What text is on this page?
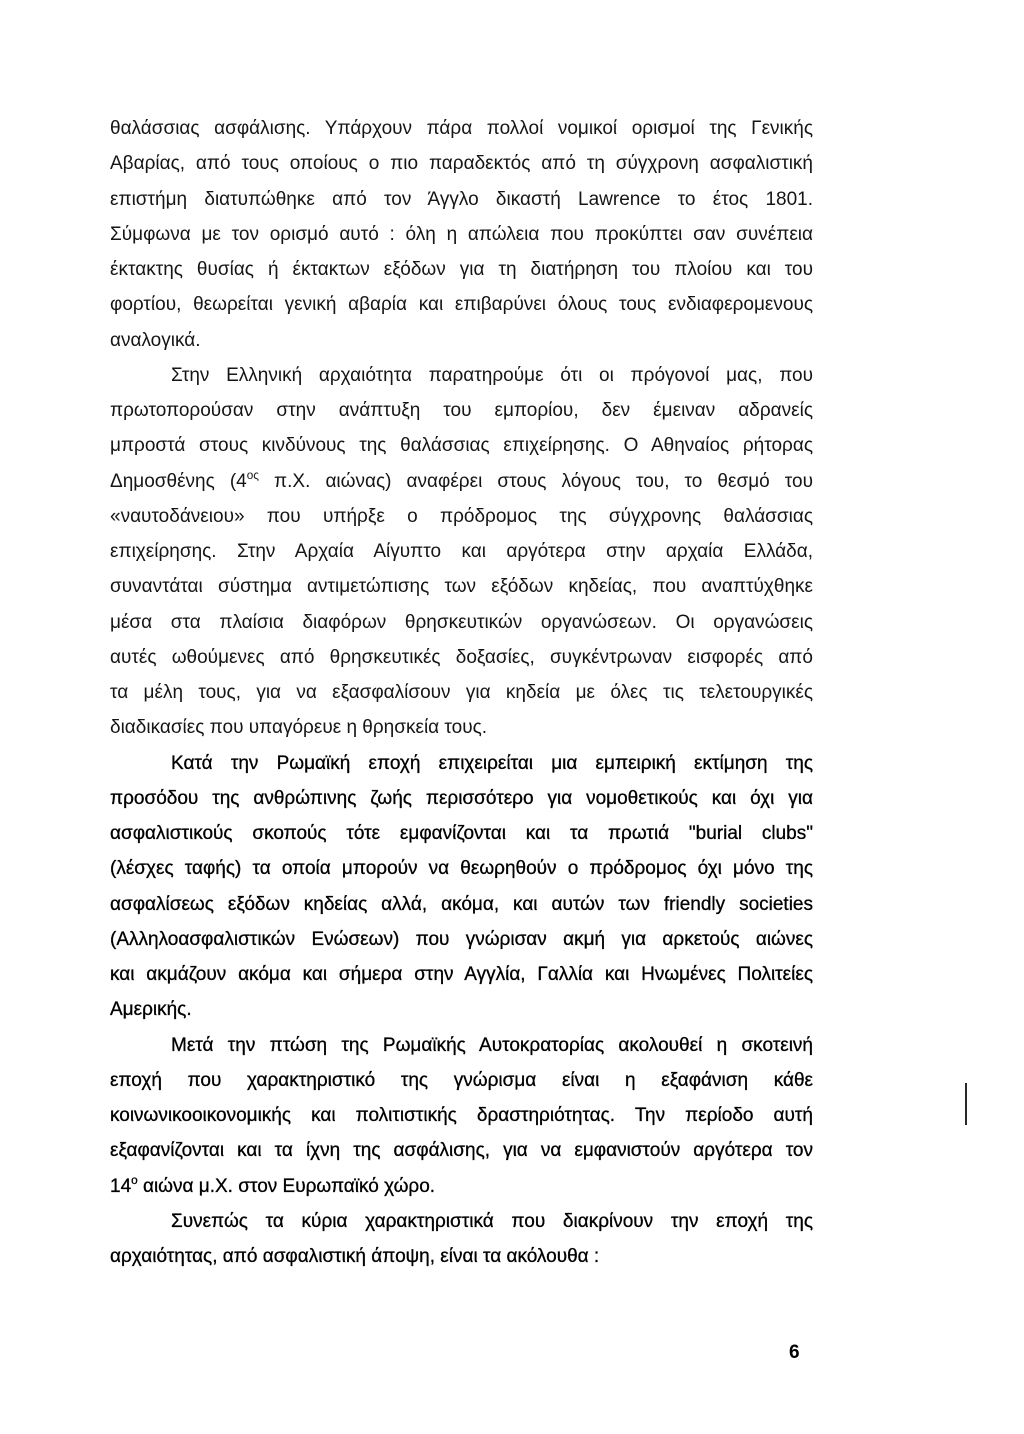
θαλάσσιας ασφάλισης. Υπάρχουν πάρα πολλοί νομικοί ορισμοί της Γενικής
Αβαρίας, από τους οποίους ο πιο παραδεκτός από τη σύγχρονη ασφαλιστική
επιστήμη διατυπώθηκε από τον Άγγλο δικαστή Lawrence το έτος 1801.
Σύμφωνα με τον ορισμό αυτό : όλη η απώλεια που προκύπτει σαν συνέπεια
έκτακτης θυσίας ή έκτακτων εξόδων για τη διατήρηση του πλοίου και του
φορτίου, θεωρείται γενική αβαρία και επιβαρύνει όλους τους ενδιαφερομενους
αναλογικά.
Στην Ελληνική αρχαιότητα παρατηρούμε ότι οι πρόγονοί μας, που
πρωτοπορούσαν στην ανάπτυξη του εμπορίου, δεν έμειναν αδρανείς
μπροστά στους κινδύνους της θαλάσσιας επιχείρησης. Ο Αθηναίος ρήτορας
Δημοσθένης ($4^{o\varsigma}$ π.Χ. αιώνας) αναφέρει στους λόγους του, το θεσμό του
«ναυτοδάνειου» που υπήρξε ο πρόδρομος της σύγχρονης θαλάσσιας
επιχείρησης. Στην Αρχαία Αίγυπτο και αργότερα στην αρχαία Ελλάδα,
συναντάται σύστημα αντιμετώπισης των εξόδων κηδείας, που αναπτύχθηκε
μέσα στα πλαίσια διαφόρων θρησκευτικών οργανώσεων. Οι οργανώσεις
αυτές ωθούμενες από θρησκευτικές δοξασίες, συγκέντρωναν εισφορές από
τα μέλη τους, για να εξασφαλίσουν για κηδεία με όλες τις τελετουργικές
διαδικασίες που υπαγόρευε η θρησκεία τους.
Κατά την Ρωμαϊκή εποχή επιχειρείται μια εμπειρική εκτίμηση της
προσόδου της ανθρώπινης ζωής περισσότερο για νομοθετικούς και όχι για
ασφαλιστικούς σκοπούς τότε εμφανίζονται και τα πρωτιά "burial clubs"
(λέσχες ταφής) τα οποία μπορούν να θεωρηθούν ο πρόδρομος όχι μόνο της
ασφαλίσεως εξόδων κηδείας αλλά, ακόμα, και αυτών των friendly societies
(Αλληλοασφαλιστικών Ενώσεων) που γνώρισαν ακμή για αρκετούς αιώνες
και ακμάζουν ακόμα και σήμερα στην Αγγλία, Γαλλία και Ηνωμένες Πολιτείες
Αμερικής.
Μετά την πτώση της Ρωμαϊκής Αυτοκρατορίας ακολουθεί η σκοτεινή
εποχή που χαρακτηριστικό της γνώρισμα είναι η εξαφάνιση κάθε
κοινωνικοοικονομικής και πολιτιστικής δραστηριότητας. Την περίοδο αυτή
εξαφανίζονται και τα ίχνη της ασφάλισης, για να εμφανιστούν αργότερα τον
$14^o$ αιώνα μ.Χ. στον Ευρωπαϊκό χώρο.
Συνεπώς τα κύρια χαρακτηριστικά που διακρίνουν την εποχή της
αρχαιότητας, από ασφαλιστική άποψη, είναι τα ακόλουθα :
6
